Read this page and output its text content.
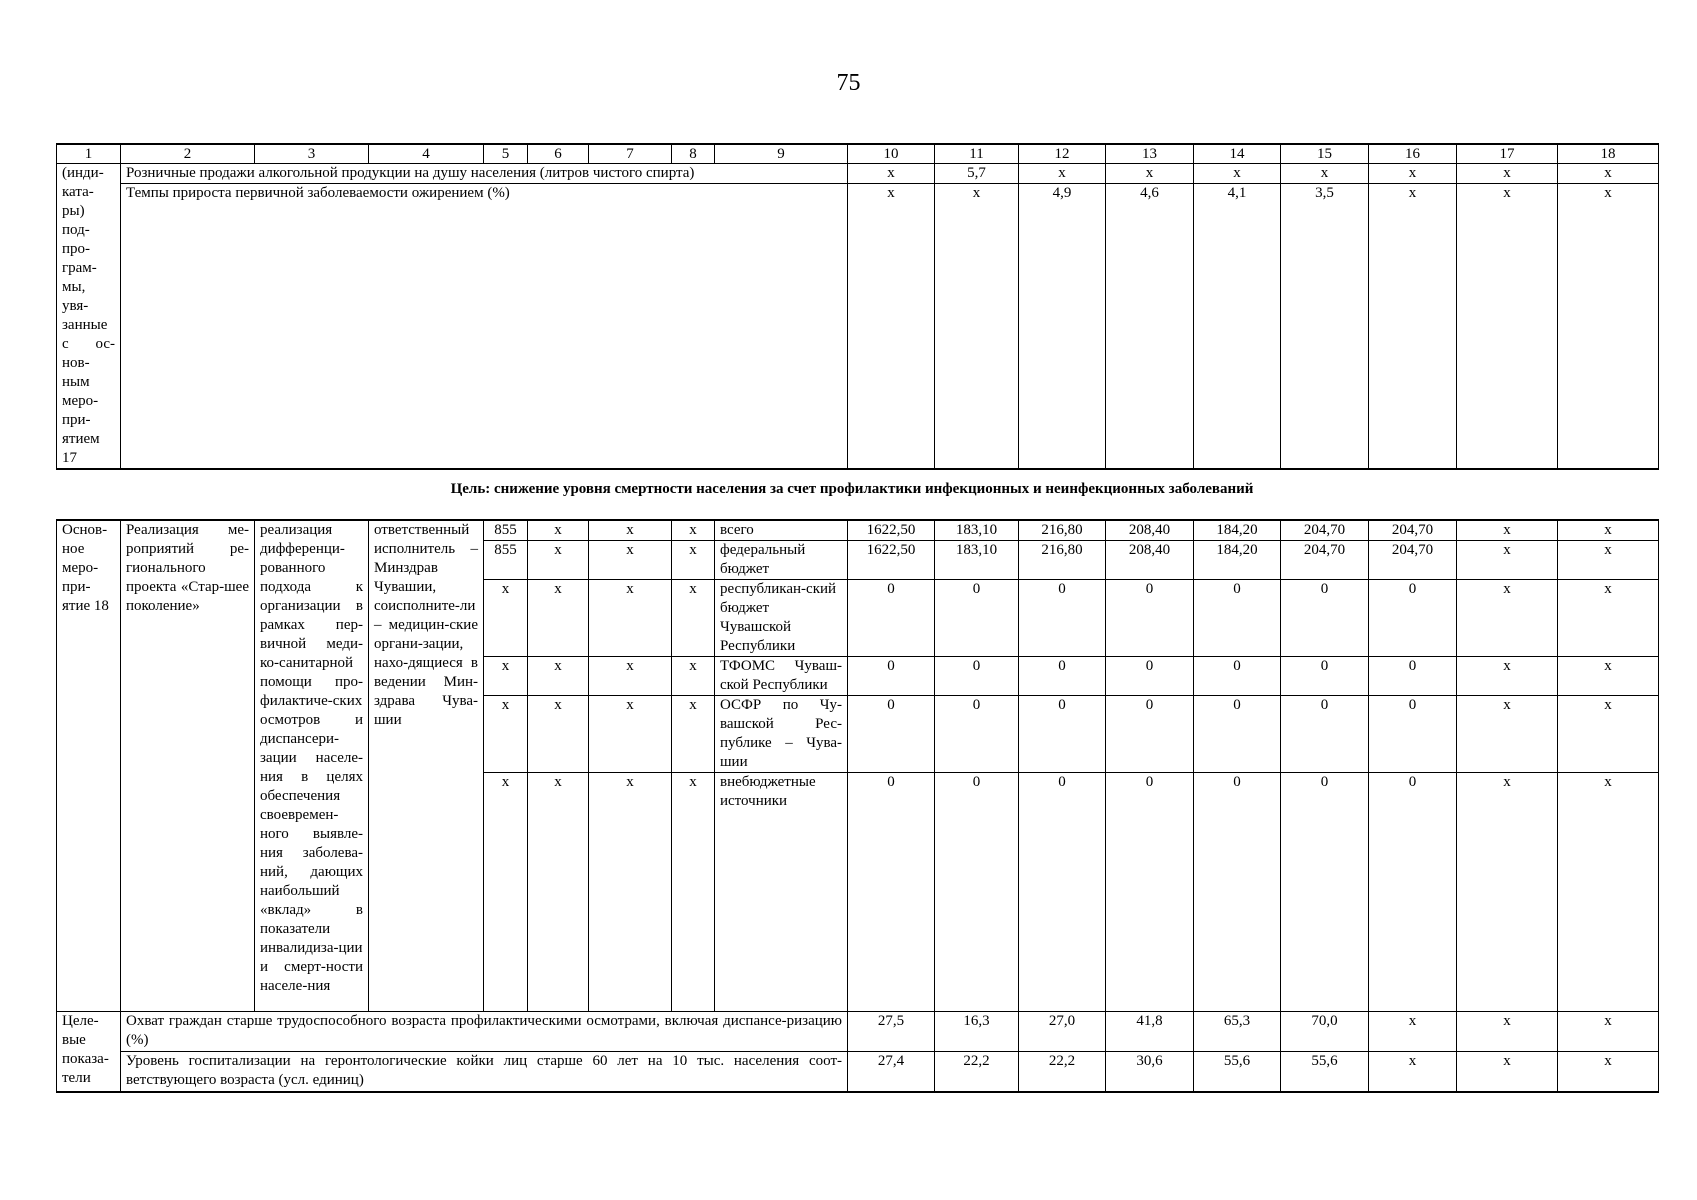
75
1	2	3	4	5	6	7	8	9	10	11	12	13	14	15	16	17	18
(инди-ката-ры) под-про-грам-мы, увя-занные с ос-нов-ным меро-при-ятием 17	Розничные продажи алкогольной продукции на душу населения (литров чистого спирта)								x	5,7	x	x	x	x	x	x	x
	Темпы прироста первичной заболеваемости ожирением (%)								x	x	4,9	4,6	4,1	3,5	x	x	x
Цель: снижение уровня смертности населения за счет профилактики инфекционных и неинфекционных заболеваний
Основ-ное меро-при-ятие 18	Реализация ме-роприятий ре-гионального проекта «Стар-шее поколение»	реализация дифференци-рованного подхода к организации в рамках пер-вичной меди-ко-санитарной помощи про-филактиче-ских осмотров и диспансери-зации населе-ния в целях обеспечения своевремен-ного выявле-ния заболева-ний, дающих наибольший «вклад» в показатели инвалидиза-ции и смерт-ности населе-ния	ответственный исполнитель – Минздрав Чувашии, соисполните-ли – медицин-ские органи-зации, нахо-дящиеся в ведении Мин-здрава Чува-шии	855	x	x	x	всего	1622,50	183,10	216,80	208,40	184,20	204,70	204,70	x	x
				855	x	x	x	федеральный бюджет	1622,50	183,10	216,80	208,40	184,20	204,70	204,70	x	x
				x	x	x	x	республикан-ский бюджет Чувашской Республики	0	0	0	0	0	0	0	x	x
				x	x	x	x	ТФОМС Чуваш-ской Республики	0	0	0	0	0	0	0	x	x
				x	x	x	x	ОСФР по Чу-вашской Рес-публике – Чува-шии	0	0	0	0	0	0	0	x	x
				x	x	x	x	внебюджетные источники	0	0	0	0	0	0	0	x	x
Целе-вые показа-тели	Охват граждан старше трудоспособного возраста профилактическими осмотрами, включая диспансе-ризацию (%)								27,5	16,3	27,0	41,8	65,3	70,0	x	x	x
	Уровень госпитализации на геронтологические койки лиц старше 60 лет на 10 тыс. населения соот-ветствующего возраста (усл. единиц)								27,4	22,2	22,2	30,6	55,6	55,6	x	x	x
